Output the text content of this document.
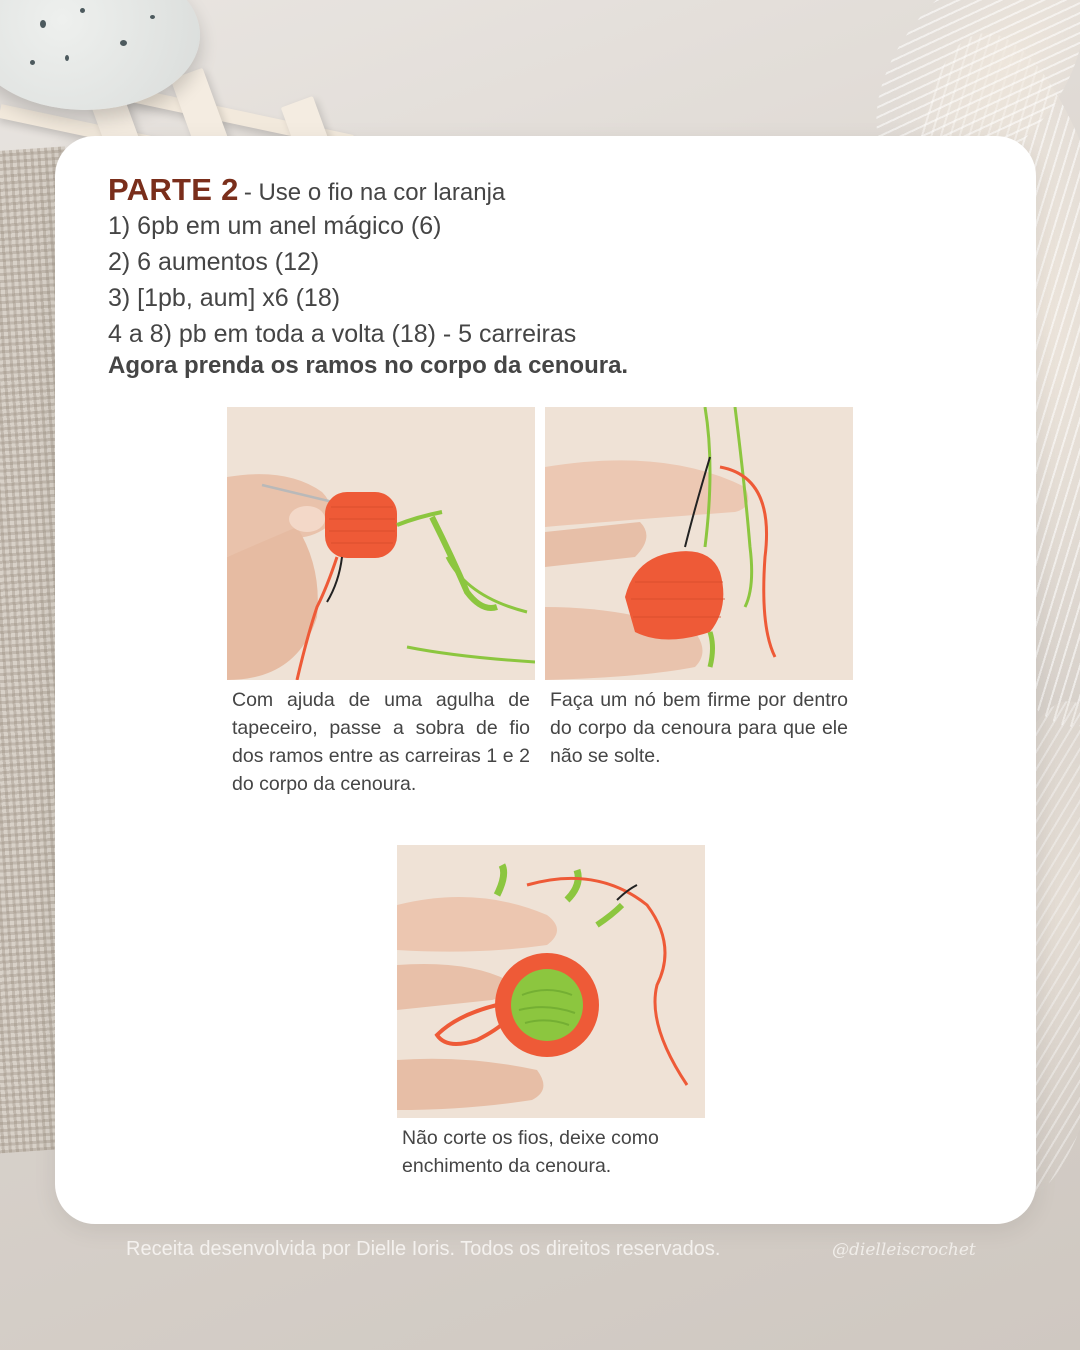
PARTE 2 - Use o fio na cor laranja
1) 6pb em um anel mágico (6)
2) 6 aumentos (12)
3) [1pb, aum] x6 (18)
4 a 8) pb em toda a volta (18) - 5 carreiras
Agora prenda os ramos no corpo da cenoura.
Com ajuda de uma agulha de tapeceiro, passe a sobra de fio dos ramos entre as carreiras 1 e 2 do corpo da cenoura.
Faça um nó bem firme por dentro do corpo da cenoura para que ele não se solte.
Não corte os fios, deixe como enchimento da cenoura.
Receita desenvolvida por Dielle Ioris. Todos os direitos reservados.	@dielleiscrochet
